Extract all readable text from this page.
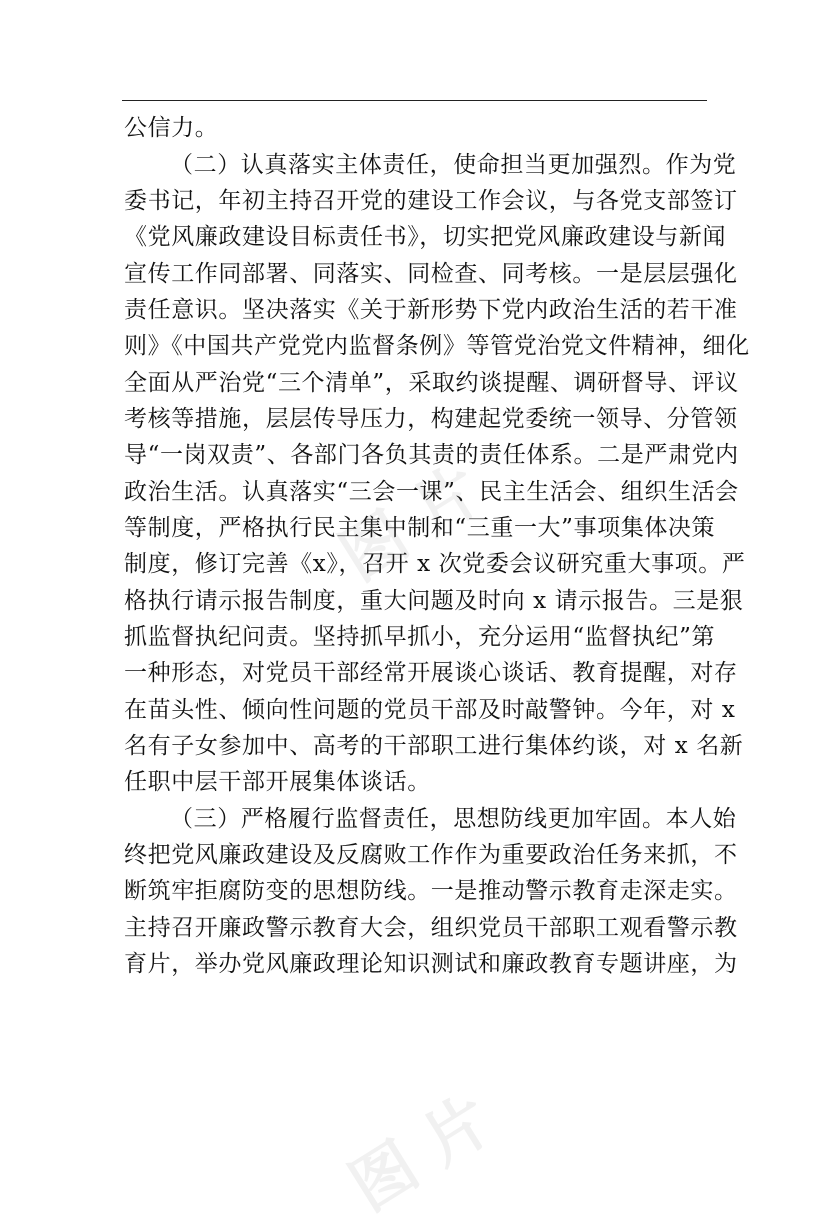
公信力。
（二）认真落实主体责任，使命担当更加强烈。作为党
委书记，年初主持召开党的建设工作会议，与各党支部签订
《党风廉政建设目标责任书》，切实把党风廉政建设与新闻
宣传工作同部署、同落实、同检查、同考核。一是层层强化
责任意识。坚决落实《关于新形势下党内政治生活的若干准
则》《中国共产党党内监督条例》等管党治党文件精神，细化
全面从严治党“三个清单”，采取约谈提醒、调研督导、评议
考核等措施，层层传导压力，构建起党委统一领导、分管领
导“一岗双责”、各部门各负其责的责任体系。二是严肃党内
政治生活。认真落实“三会一课”、民主生活会、组织生活会
等制度，严格执行民主集中制和“三重一大”事项集体决策
制度，修订完善《x》，召开 x 次党委会议研究重大事项。严
格执行请示报告制度，重大问题及时向 x 请示报告。三是狠
抓监督执纪问责。坚持抓早抓小，充分运用“监督执纪”第
一种形态，对党员干部经常开展谈心谈话、教育提醒，对存
在苗头性、倾向性问题的党员干部及时敲警钟。今年，对 x
名有子女参加中、高考的干部职工进行集体约谈，对 x 名新
任职中层干部开展集体谈话。
（三）严格履行监督责任，思想防线更加牢固。本人始
终把党风廉政建设及反腐败工作作为重要政治任务来抓，不
断筑牢拒腐防变的思想防线。一是推动警示教育走深走实。
主持召开廉政警示教育大会，组织党员干部职工观看警示教
育片，举办党风廉政理论知识测试和廉政教育专题讲座，为
图 片
图 片
